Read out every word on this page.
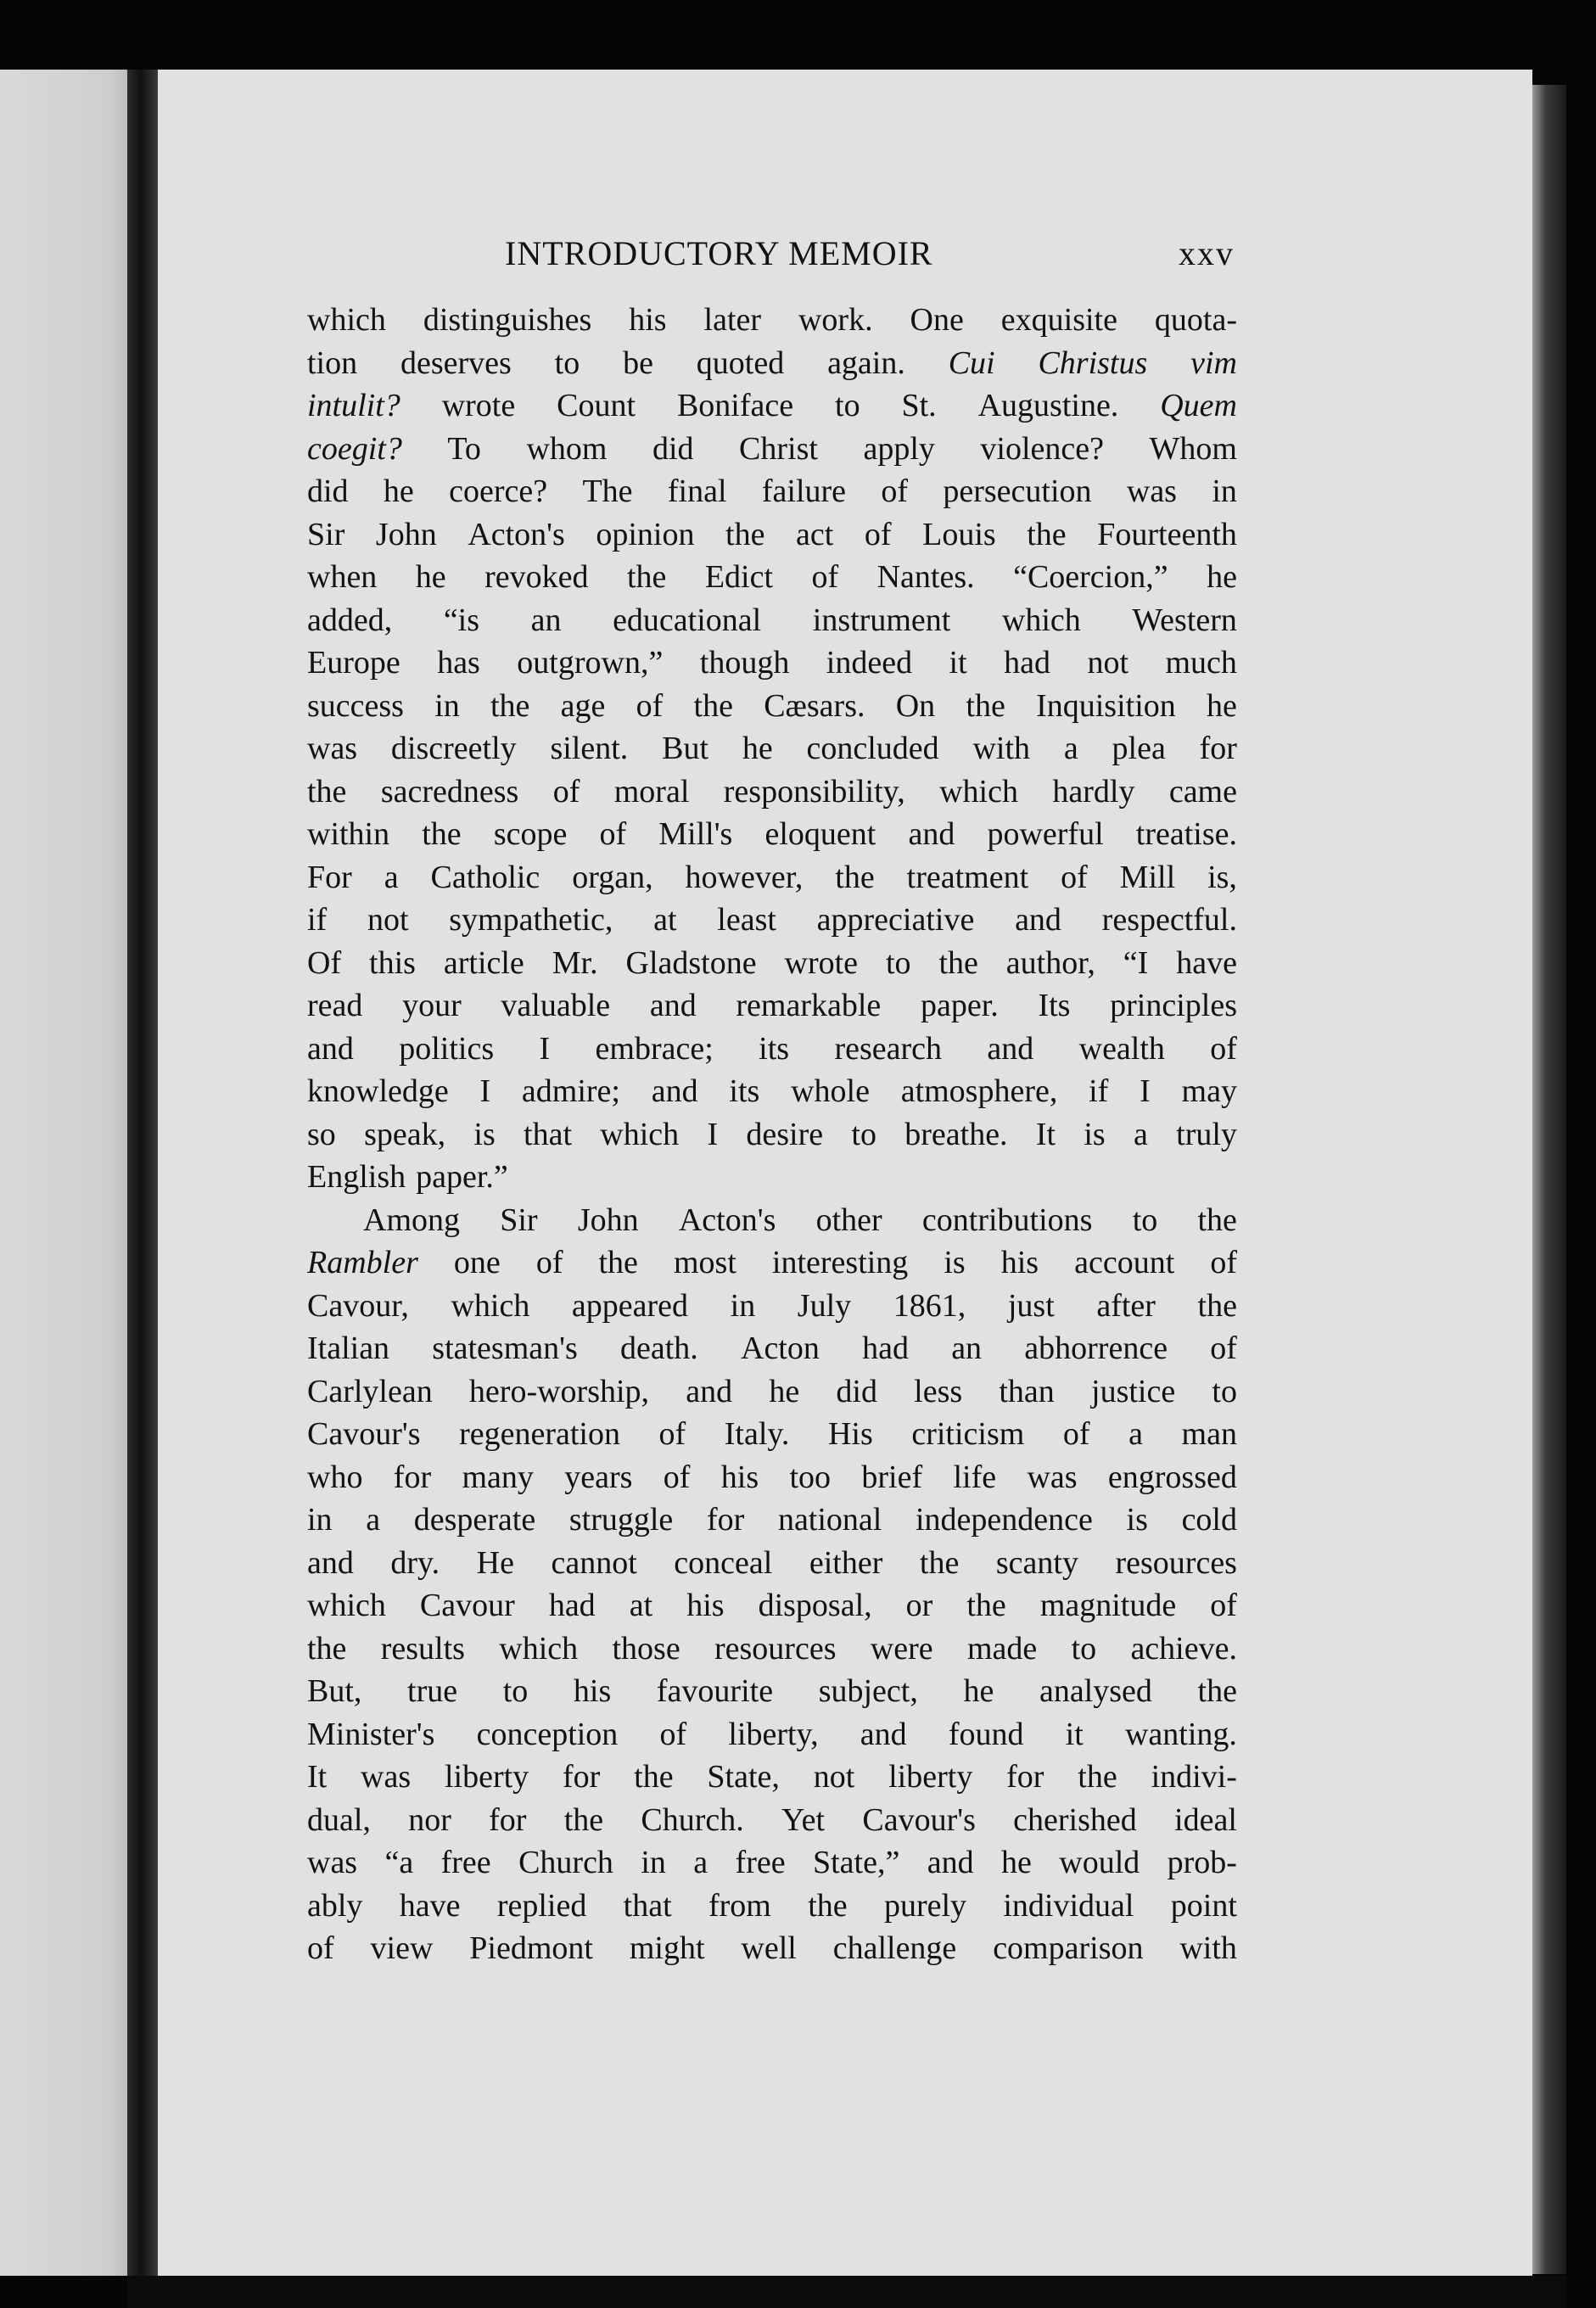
INTRODUCTORY MEMOIR	xxv
which distinguishes his later work. One exquisite quota-
tion deserves to be quoted again. Cui Christus vim
intulit? wrote Count Boniface to St. Augustine. Quem
coegit? To whom did Christ apply violence? Whom
did he coerce? The final failure of persecution was in
Sir John Acton's opinion the act of Louis the Fourteenth
when he revoked the Edict of Nantes. “Coercion,” he
added, “is an educational instrument which Western
Europe has outgrown,” though indeed it had not much
success in the age of the Cæsars. On the Inquisition he
was discreetly silent. But he concluded with a plea for
the sacredness of moral responsibility, which hardly came
within the scope of Mill's eloquent and powerful treatise.
For a Catholic organ, however, the treatment of Mill is,
if not sympathetic, at least appreciative and respectful.
Of this article Mr. Gladstone wrote to the author, “I have
read your valuable and remarkable paper. Its principles
and politics I embrace; its research and wealth of
knowledge I admire; and its whole atmosphere, if I may
so speak, is that which I desire to breathe. It is a truly
English paper.”
Among Sir John Acton's other contributions to the
Rambler one of the most interesting is his account of
Cavour, which appeared in July 1861, just after the
Italian statesman's death. Acton had an abhorrence of
Carlylean hero-worship, and he did less than justice to
Cavour's regeneration of Italy. His criticism of a man
who for many years of his too brief life was engrossed
in a desperate struggle for national independence is cold
and dry. He cannot conceal either the scanty resources
which Cavour had at his disposal, or the magnitude of
the results which those resources were made to achieve.
But, true to his favourite subject, he analysed the
Minister's conception of liberty, and found it wanting.
It was liberty for the State, not liberty for the indivi-
dual, nor for the Church. Yet Cavour's cherished ideal
was “a free Church in a free State,” and he would prob-
ably have replied that from the purely individual point
of view Piedmont might well challenge comparison with
